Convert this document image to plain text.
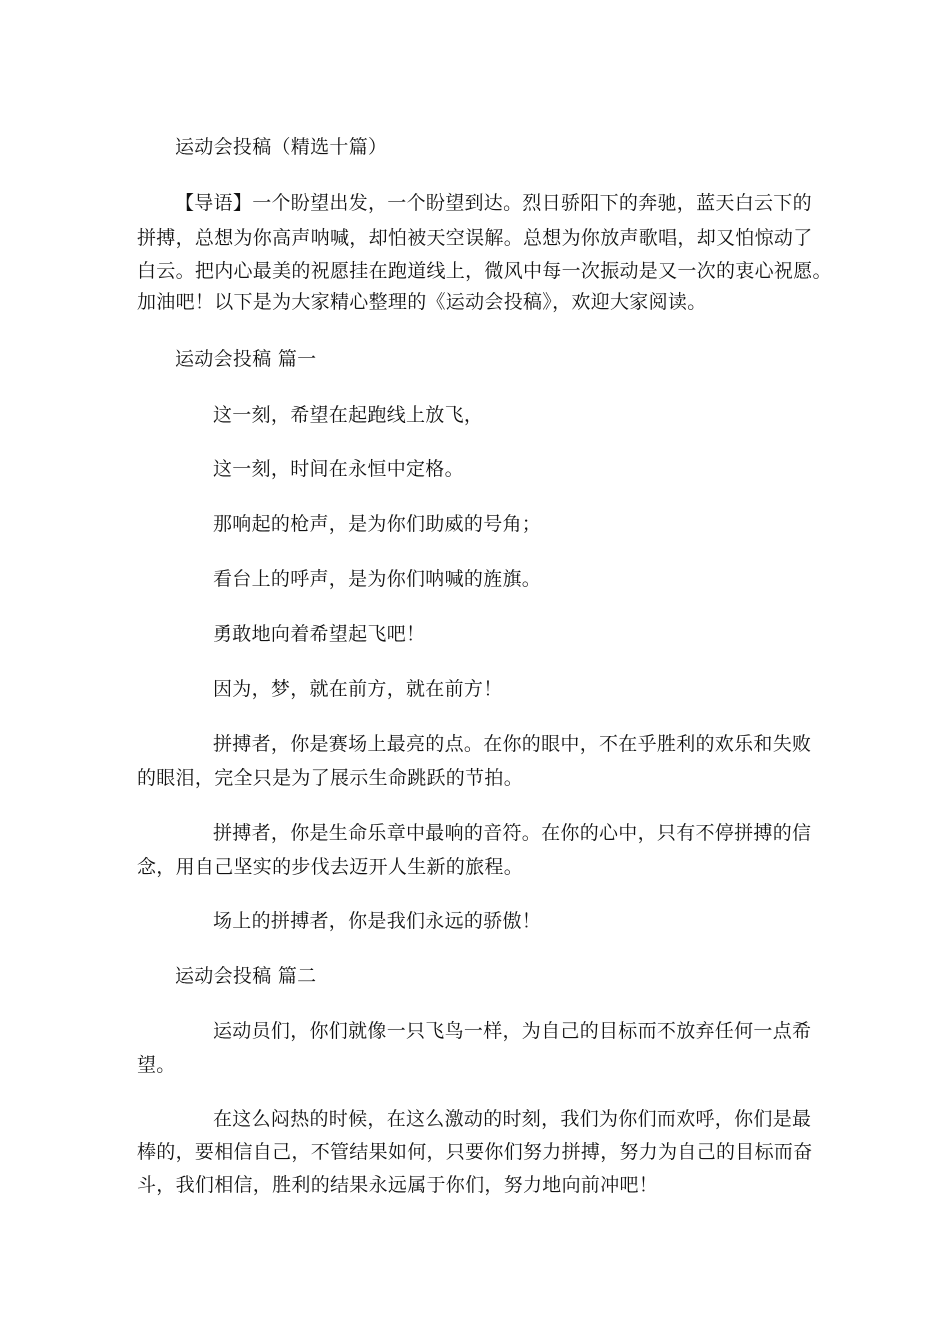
运动会投稿（精选十篇）
【导语】一个盼望出发，一个盼望到达。烈日骄阳下的奔驰，蓝天白云下的
拼搏，总想为你高声呐喊，却怕被天空误解。总想为你放声歌唱，却又怕惊动了
白云。把内心最美的祝愿挂在跑道线上，微风中每一次振动是又一次的衷心祝愿。
加油吧！以下是为大家精心整理的《运动会投稿》，欢迎大家阅读。
运动会投稿 篇一
这一刻，希望在起跑线上放飞，
这一刻，时间在永恒中定格。
那响起的枪声，是为你们助威的号角；
看台上的呼声，是为你们呐喊的旌旗。
勇敢地向着希望起飞吧！
因为，梦，就在前方，就在前方！
拼搏者，你是赛场上最亮的点。在你的眼中，不在乎胜利的欢乐和失败
的眼泪，完全只是为了展示生命跳跃的节拍。
拼搏者，你是生命乐章中最响的音符。在你的心中，只有不停拼搏的信
念，用自己坚实的步伐去迈开人生新的旅程。
场上的拼搏者，你是我们永远的骄傲！
运动会投稿 篇二
运动员们，你们就像一只飞鸟一样，为自己的目标而不放弃任何一点希
望。
在这么闷热的时候，在这么激动的时刻，我们为你们而欢呼，你们是最
棒的，要相信自己，不管结果如何，只要你们努力拼搏，努力为自己的目标而奋
斗，我们相信，胜利的结果永远属于你们，努力地向前冲吧！
